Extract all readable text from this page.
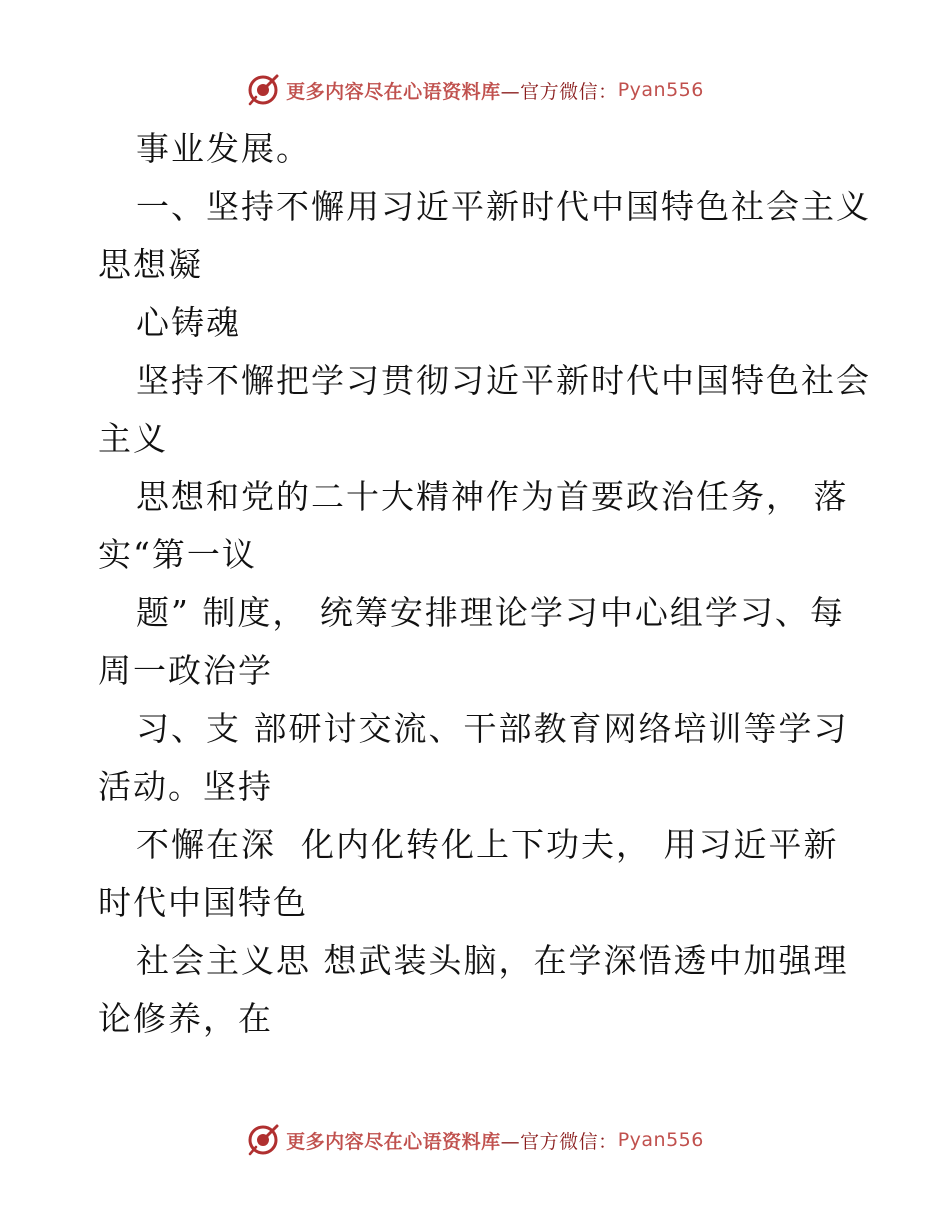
更多内容尽在心语资料库 —官方微信： Pyan556
事业发展。
一、坚持不懈用习近平新时代中国特色社会主义
思想凝
心铸魂
坚持不懈把学习贯彻习近平新时代中国特色社会
主义
思想和党的二十大精神作为首要政治任务， 落
实“第一议
题” 制度， 统筹安排理论学习中心组学习、每
周一政治学
习、支 部研讨交流、干部教育网络培训等学习
活动。坚持
不懈在深  化内化转化上下功夫， 用习近平新
时代中国特色
社会主义思 想武装头脑，在学深悟透中加强理
论修养，在
更多内容尽在心语资料库 —官方微信： Pyan556
